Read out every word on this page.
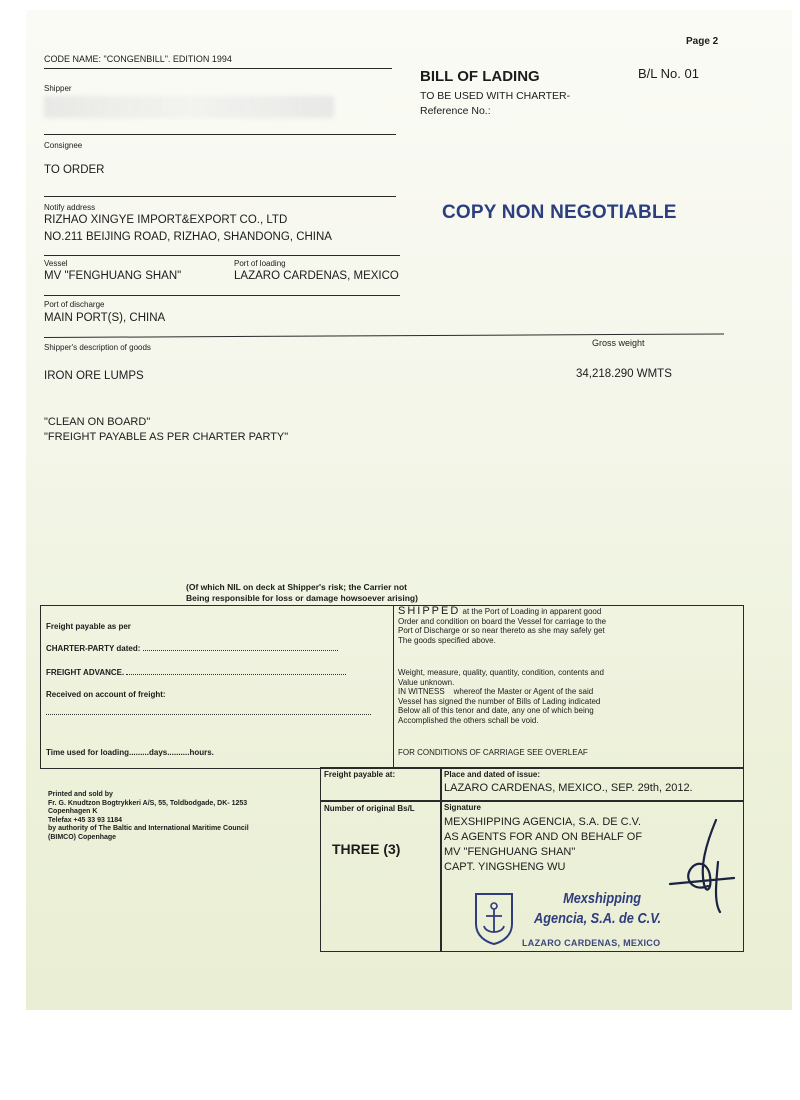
Page 2
CODE NAME: "CONGENBILL". EDITION 1994
BILL OF LADING	B/L No. 01
TO BE USED WITH CHARTER-
Reference No.:
Shipper
Consignee
TO ORDER
COPY NON NEGOTIABLE
Notify address
RIZHAO XINGYE IMPORT&EXPORT CO., LTD
NO.211 BEIJING ROAD, RIZHAO, SHANDONG, CHINA
Vessel
MV "FENGHUANG SHAN"
Port of loading
LAZARO CARDENAS, MEXICO
Port of discharge
MAIN PORT(S), CHINA
Shipper's description of goods	Gross weight
IRON ORE LUMPS	34,218.290 WMTS
"CLEAN ON BOARD"
"FREIGHT PAYABLE AS PER CHARTER PARTY"
(Of which NIL on deck at Shipper's risk; the Carrier not
Being responsible for loss or damage howsoever arising)
Freight payable as per
CHARTER-PARTY dated:
FREIGHT ADVANCE.
Received on account of freight:
Time used for loading.........days..........hours.
SHIPPED at the Port of Loading in apparent good
Order and condition on board the Vessel for carriage to the
Port of Discharge or so near thereto as she may safely get
The goods specified above.
Weight, measure, quality, quantity, condition, contents and
Value unknown.
IN WITNESS whereof the Master or Agent of the said
Vessel has signed the number of Bills of Lading indicated
Below all of this tenor and date, any one of which being
Accomplished the others schall be void.
FOR CONDITIONS OF CARRIAGE SEE OVERLEAF
Freight payable at:	Place and dated of issue:
LAZARO CARDENAS, MEXICO., SEP. 29th, 2012.
Number of original Bs/L
THREE (3)
Signature
MEXSHIPPING AGENCIA, S.A. DE C.V.
AS AGENTS FOR AND ON BEHALF OF
MV "FENGHUANG SHAN"
CAPT. YINGSHENG WU
Mexshipping
Agencia, S.A. de C.V.
LAZARO CARDENAS, MEXICO
Printed and sold by
Fr. G. Knudtzon Bogtrykkeri A/S, 55, Toldbodgade, DK- 1253
Copenhagen K
Telefax +45 33 93 1184
by authority of The Baltic and International Maritime Council
(BIMCO) Copenhage
